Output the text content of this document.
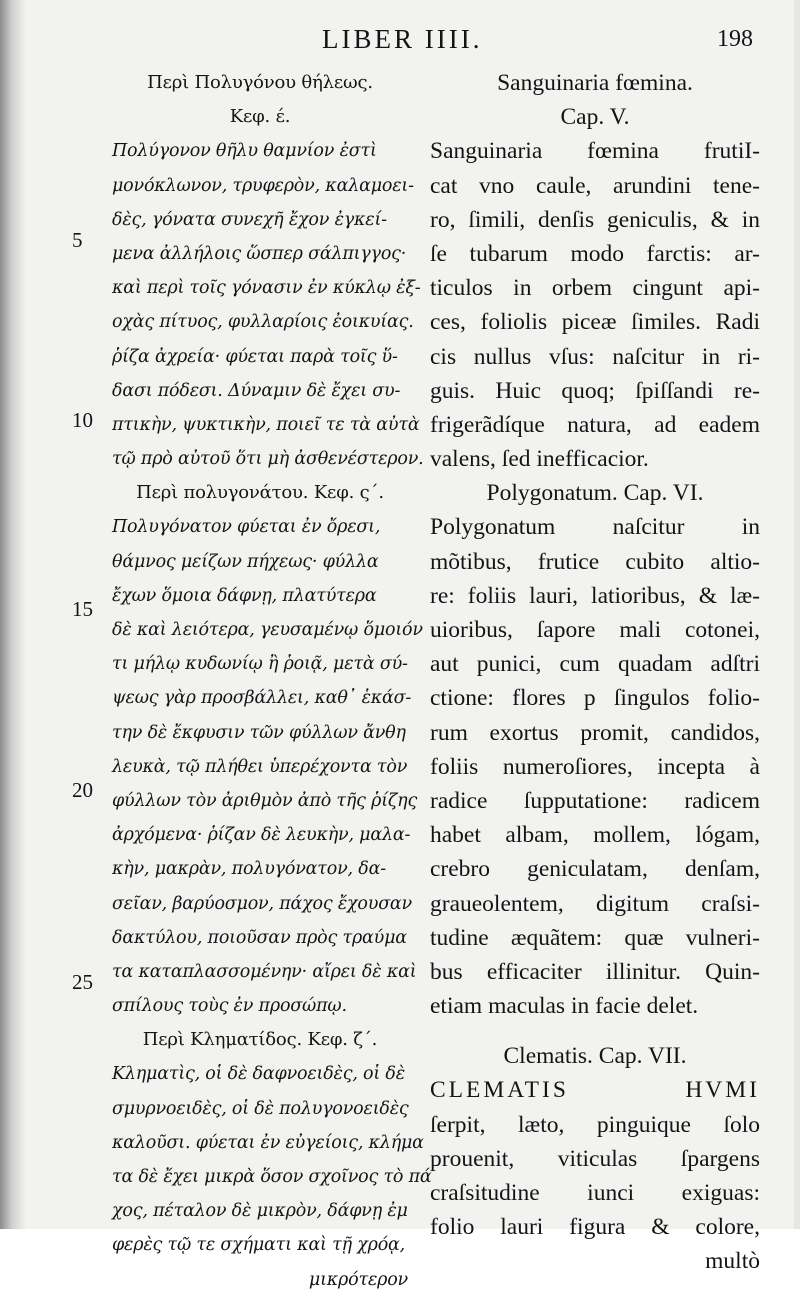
LIBER IIII.	198
5
10
15
20
25
Περὶ Πολυγόνου θήλεως.
Κεφ. έ.
Πολύγονον θῆλυ θαμνίον ἐστὶ
μονόκλωνον, τρυφερὸν, καλαμοει-
δὲς, γόνατα συνεχῆ ἔχον ἐγκεί-
μενα ἀλλήλοις ὥσπερ σάλπιγγος·
καὶ περὶ τοῖς γόνασιν ἐν κύκλῳ ἐξ-
οχὰς πίτυος, φυλλαρίοις ἐοικυίας.
ῥίζα ἀχρεία· φύεται παρὰ τοῖς ὕ-
δασι πόδεσι. Δύναμιν δὲ ἔχει συ-
πτικὴν, ψυκτικὴν, ποιεῖ τε τὰ αὐτὰ
τῷ πρὸ αὐτοῦ ὅτι μὴ ἀσθενέστερον.
Περὶ πολυγονάτου. Κεφ. ς΄.
Πολυγόνατον φύεται ἐν ὄρεσι,
θάμνος μείζων πήχεως· φύλλα
ἔχων ὅμοια δάφνῃ, πλατύτερα
δὲ καὶ λειότερα, γευσαμένῳ ὅμοιόν
τι μήλῳ κυδωνίῳ ἢ ῥοιᾷ, μετὰ σύ-
ψεως γὰρ προσβάλλει, καθ᾽ ἑκάσ-
την δὲ ἔκφυσιν τῶν φύλλων ἄνθη
λευκὰ, τῷ πλήθει ὑπερέχοντα τὸν
φύλλων τὸν ἀριθμὸν ἀπὸ τῆς ῥίζης
ἀρχόμενα· ῥίζαν δὲ λευκὴν, μαλα-
κὴν, μακρὰν, πολυγόνατον, δα-
σεῖαν, βαρύοσμον, πάχος ἔχουσαν
δακτύλου, ποιοῦσαν πρὸς τραύμα
τα καταπλασσομένην· αἴρει δὲ καὶ
σπίλους τοὺς ἐν προσώπῳ.
Περὶ Κληματίδος. Κεφ. ζ΄.
Κληματὶς, οἱ δὲ δαφνοειδὲς, οἱ δὲ
σμυρνοειδὲς, οἱ δὲ πολυγονοειδὲς
καλοῦσι. φύεται ἐν εὐγείοις, κλήμα
τα δὲ ἔχει μικρὰ ὅσον σχοῖνος τὸ πά
χος, πέταλον δὲ μικρὸν, δάφνῃ ἐμ
φερὲς τῷ τε σχήματι καὶ τῇ χρόᾳ,
μικρότερον
Sanguinaria fœmina.
Cap. V.
Sanguinaria fœmina frutiI-
cat vno caule, arundini tene-
ro, ſimili, denſis geniculis, & in
ſe tubarum modo farctis: ar-
ticulos in orbem cingunt api-
ces, foliolis piceæ ſimiles. Radi
cis nullus vſus: naſcitur in ri-
guis. Huic quoq; ſpiſſandi re-
frigerãdíque natura, ad eadem
valens, ſed inefficacior.
Polygonatum. Cap. VI.
Polygonatum naſcitur in
mõtibus, frutice cubito altio-
re: foliis lauri, latioribus, & læ-
uioribus, ſapore mali cotonei,
aut punici, cum quadam adſtri
ctione: flores p ſingulos folio-
rum exortus promit, candidos,
foliis numeroſiores, incepta à
radice ſupputatione: radicem
habet albam, mollem, lógam,
crebro geniculatam, denſam,
graueolentem, digitum craſsi-
tudine æquãtem: quæ vulneri-
bus efficaciter illinitur. Quin-
etiam maculas in facie delet.
Clematis. Cap. VII.
CLEMATIS HVMI
ſerpit, læto, pinguique ſolo
prouenit, viticulas ſpargens
craſsitudine iunci exiguas:
folio lauri figura & colore,
multò
